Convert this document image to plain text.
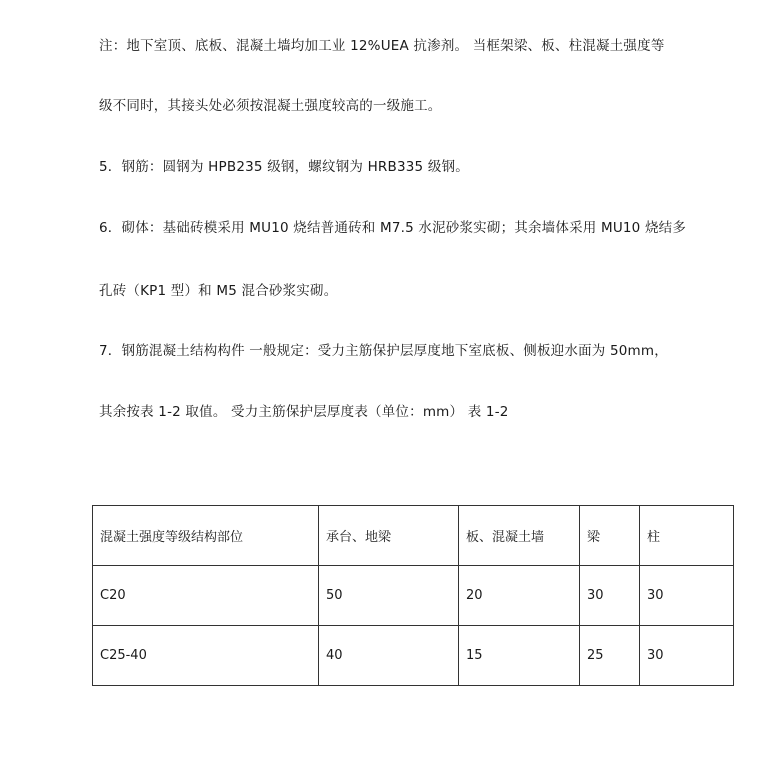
注：地下室顶、底板、混凝土墙均加工业 12%UEA 抗渗剂。 当框架梁、板、柱混凝土强度等
级不同时，其接头处必须按混凝土强度较高的一级施工。
5．钢筋：圆钢为 HPB235 级钢，螺纹钢为 HRB335 级钢。
6．砌体：基础砖模采用 MU10 烧结普通砖和 M7.5 水泥砂浆实砌；其余墙体采用 MU10 烧结多
孔砖（KP1 型）和 M5 混合砂浆实砌。
7．钢筋混凝土结构构件 一般规定：受力主筋保护层厚度地下室底板、侧板迎水面为 50mm，
其余按表 1-2 取值。 受力主筋保护层厚度表（单位：mm） 表 1-2
混凝土强度等级结构部位	承台、地梁	板、混凝土墙	梁	柱
C20	50	20	30	30
C25-40	40	15	25	30
